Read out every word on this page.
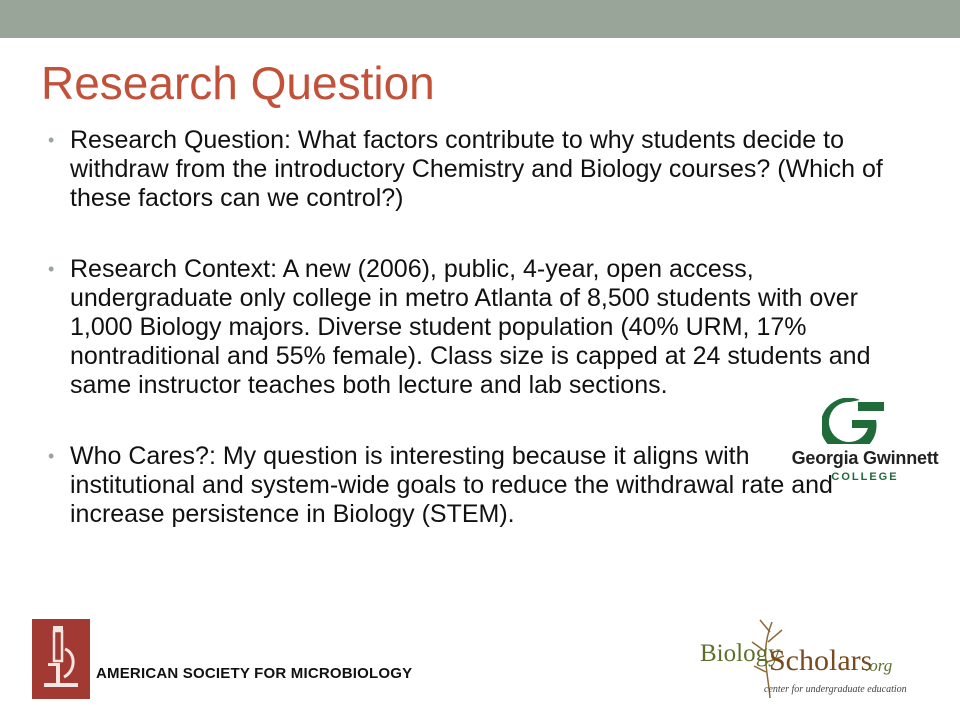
Research Question
• Research Question: What factors contribute to why students decide to withdraw from the introductory Chemistry and Biology courses? (Which of these factors can we control?)
• Research Context: A new (2006), public, 4-year, open access, undergraduate only college in metro Atlanta of 8,500 students with over 1,000 Biology majors. Diverse student population (40% URM, 17% nontraditional and 55% female). Class size is capped at 24 students and same instructor teaches both lecture and lab sections.
• Who Cares?: My question is interesting because it aligns with institutional and system-wide goals to reduce the withdrawal rate and increase persistence in Biology (STEM).
Georgia Gwinnett
COLLEGE
AMERICAN SOCIETY FOR MICROBIOLOGY
Biology
Scholars
.org
center for undergraduate education
